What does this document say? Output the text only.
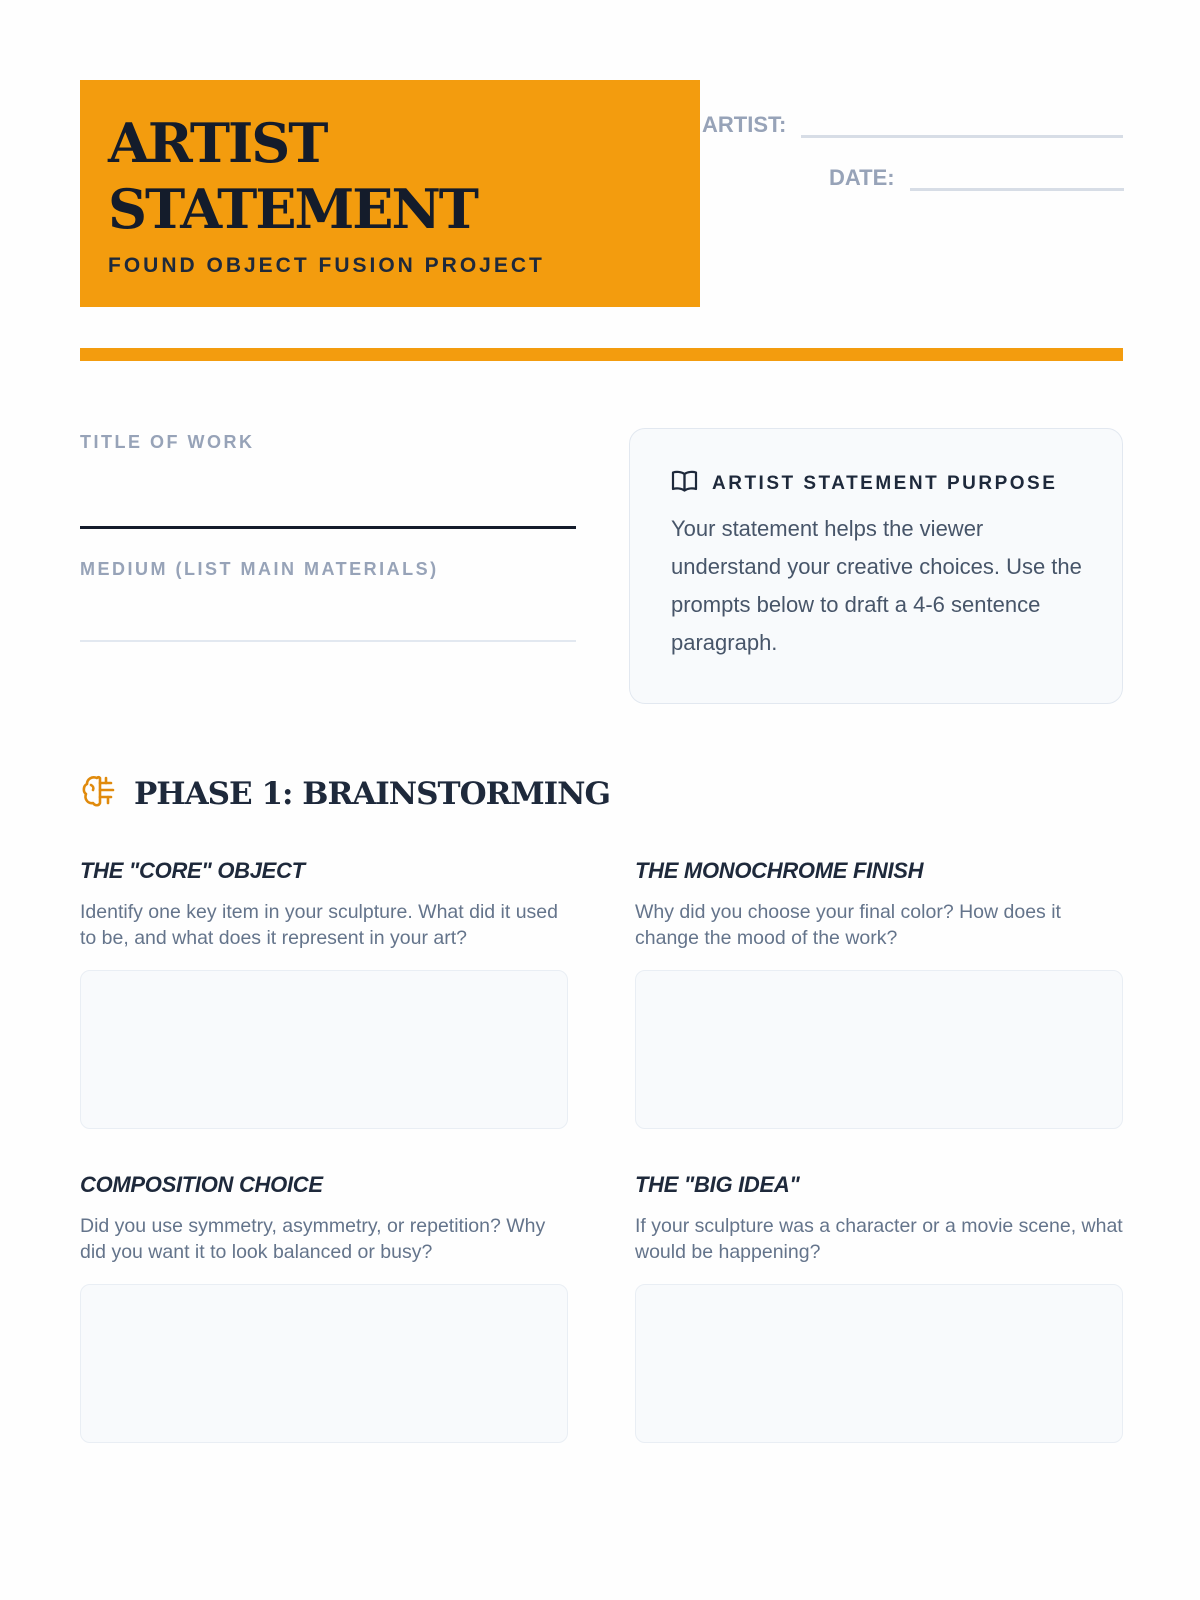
ARTIST
STATEMENT
FOUND OBJECT FUSION PROJECT
ARTIST:
DATE:
TITLE OF WORK
MEDIUM (LIST MAIN MATERIALS)
ARTIST STATEMENT PURPOSE
Your statement helps the viewer understand your creative choices. Use the prompts below to draft a 4-6 sentence paragraph.
PHASE 1: BRAINSTORMING
THE "CORE" OBJECT
Identify one key item in your sculpture. What did it used to be, and what does it represent in your art?
THE MONOCHROME FINISH
Why did you choose your final color? How does it change the mood of the work?
COMPOSITION CHOICE
Did you use symmetry, asymmetry, or repetition? Why did you want it to look balanced or busy?
THE "BIG IDEA"
If your sculpture was a character or a movie scene, what would be happening?
